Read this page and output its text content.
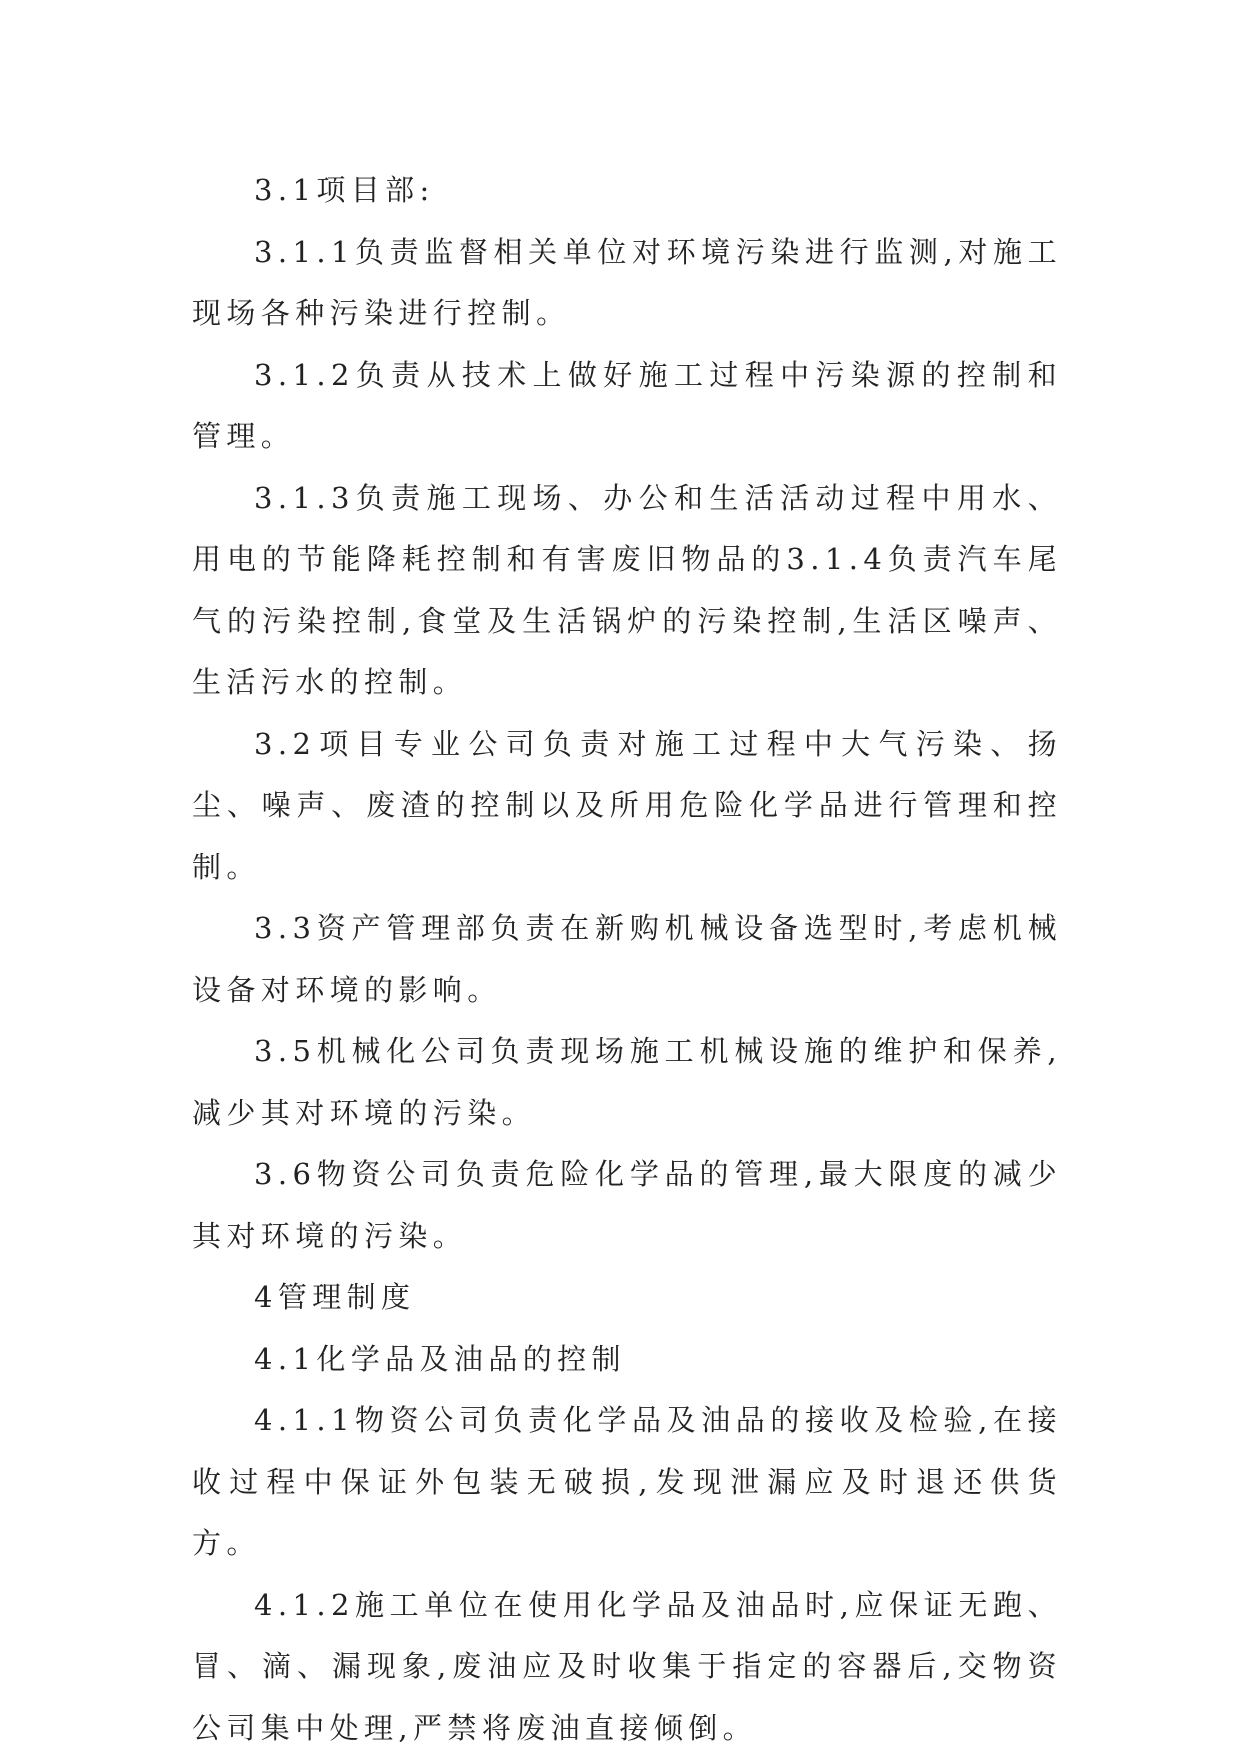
3.1项目部:

3.1.1负责监督相关单位对环境污染进行监测,对施工现场各种污染进行控制。

3.1.2负责从技术上做好施工过程中污染源的控制和管理。

3.1.3负责施工现场、办公和生活活动过程中用水、用电的节能降耗控制和有害废旧物品的3.1.4负责汽车尾气的污染控制,食堂及生活锅炉的污染控制,生活区噪声、生活污水的控制。

3.2项目专业公司负责对施工过程中大气污染、扬尘、噪声、废渣的控制以及所用危险化学品进行管理和控制。

3.3资产管理部负责在新购机械设备选型时,考虑机械设备对环境的影响。

3.5机械化公司负责现场施工机械设施的维护和保养,减少其对环境的污染。

3.6物资公司负责危险化学品的管理,最大限度的减少其对环境的污染。

4管理制度

4.1化学品及油品的控制

4.1.1物资公司负责化学品及油品的接收及检验,在接收过程中保证外包装无破损,发现泄漏应及时退还供货方。

4.1.2施工单位在使用化学品及油品时,应保证无跑、冒、滴、漏现象,废油应及时收集于指定的容器后,交物资公司集中处理,严禁将废油直接倾倒。
